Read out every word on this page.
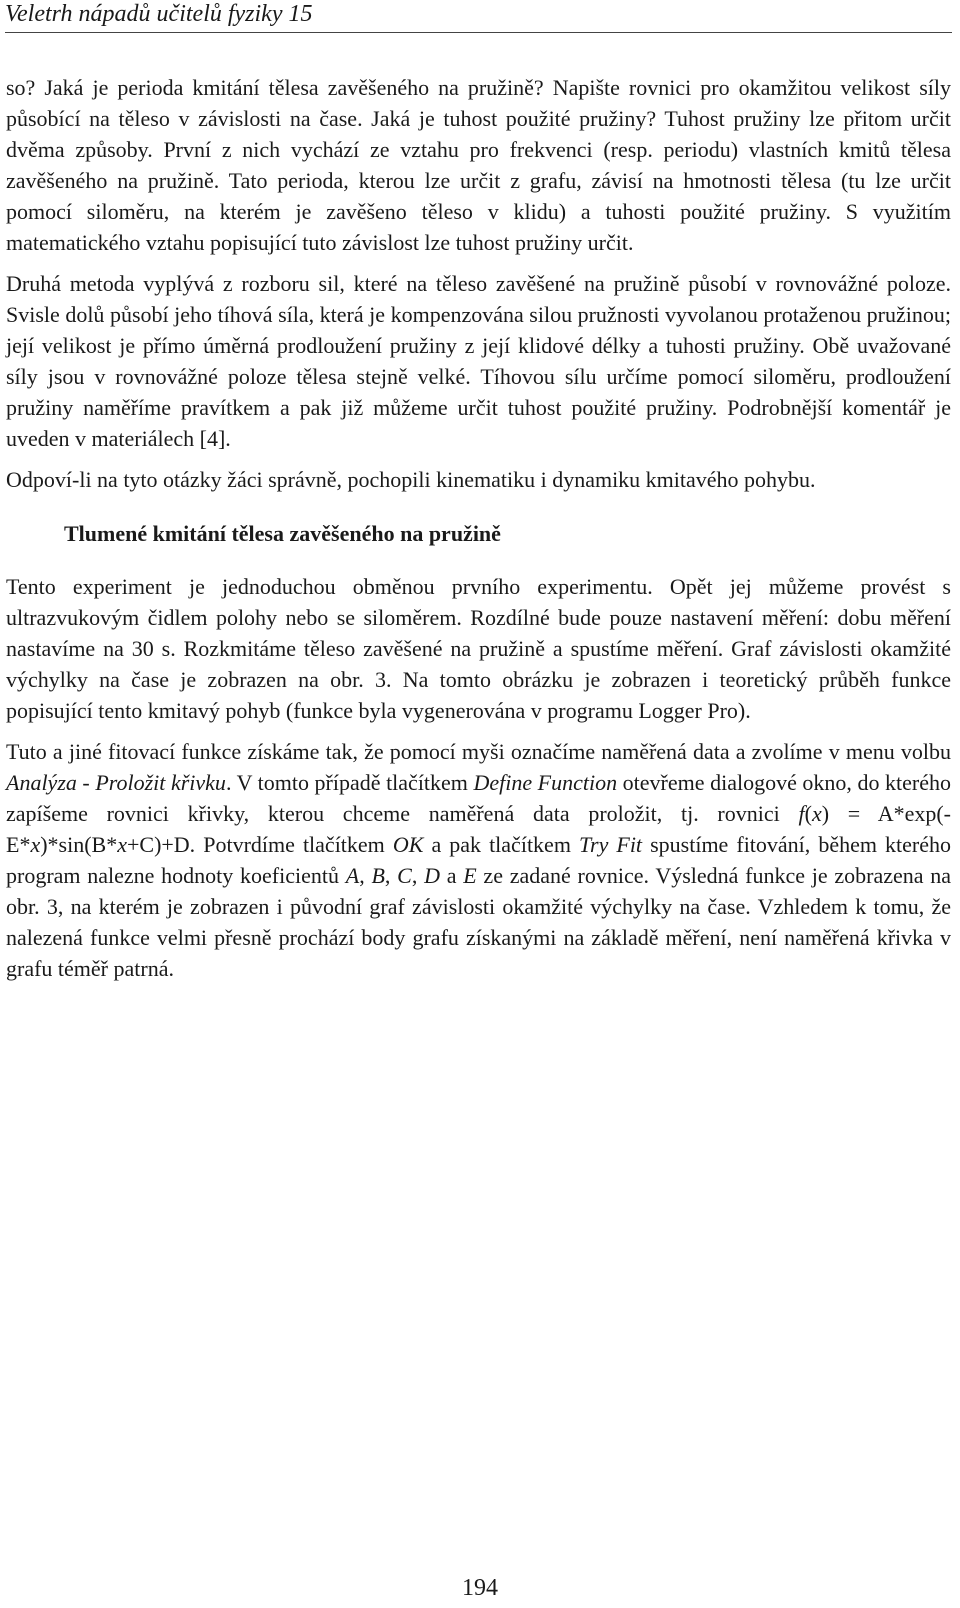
Veletrh nápadů učitelů fyziky 15

so? Jaká je perioda kmitání tělesa zavěšeného na pružině? Napište rovnici pro okamžitou velikost síly působící na těleso v závislosti na čase. Jaká je tuhost použité pružiny? Tuhost pružiny lze přitom určit dvěma způsoby. První z nich vychází ze vztahu pro frekvenci (resp. periodu) vlastních kmitů tělesa zavěšeného na pružině. Tato perioda, kterou lze určit z grafu, závisí na hmotnosti tělesa (tu lze určit pomocí siloměru, na kterém je zavěšeno těleso v klidu) a tuhosti použité pružiny. S využitím matematického vztahu popisující tuto závislost lze tuhost pružiny určit.

Druhá metoda vyplývá z rozboru sil, které na těleso zavěšené na pružině působí v rovnovážné poloze. Svisle dolů působí jeho tíhová síla, která je kompenzována silou pružnosti vyvolanou protaženou pružinou; její velikost je přímo úměrná prodloužení pružiny z její klidové délky a tuhosti pružiny. Obě uvažované síly jsou v rovnovážné poloze tělesa stejně velké. Tíhovou sílu určíme pomocí siloměru, prodloužení pružiny naměříme pravítkem a pak již můžeme určit tuhost použité pružiny. Podrobnější komentář je uveden v materiálech [4].

Odpoví-li na tyto otázky žáci správně, pochopili kinematiku i dynamiku kmitavého pohybu.

Tlumené kmitání tělesa zavěšeného na pružině

Tento experiment je jednoduchou obměnou prvního experimentu. Opět jej můžeme provést s ultrazvukovým čidlem polohy nebo se siloměrem. Rozdílné bude pouze nastavení měření: dobu měření nastavíme na 30 s. Rozkmitáme těleso zavěšené na pružině a spustíme měření. Graf závislosti okamžité výchylky na čase je zobrazen na obr. 3. Na tomto obrázku je zobrazen i teoretický průběh funkce popisující tento kmitavý pohyb (funkce byla vygenerována v programu Logger Pro).

Tuto a jiné fitovací funkce získáme tak, že pomocí myši označíme naměřená data a zvolíme v menu volbu Analýza - Proložit křivku. V tomto případě tlačítkem Define Function otevřeme dialogové okno, do kterého zapíšeme rovnici křivky, kterou chceme naměřená data proložit, tj. rovnici f(x) = A*exp(-E*x)*sin(B*x+C)+D. Potvrdíme tlačítkem OK a pak tlačítkem Try Fit spustíme fitování, během kterého program nalezne hodnoty koeficientů A, B, C, D a E ze zadané rovnice. Výsledná funkce je zobrazena na obr. 3, na kterém je zobrazen i původní graf závislosti okamžité výchylky na čase. Vzhledem k tomu, že nalezená funkce velmi přesně prochází body grafu získanými na základě měření, není naměřená křivka v grafu téměř patrná.

194
